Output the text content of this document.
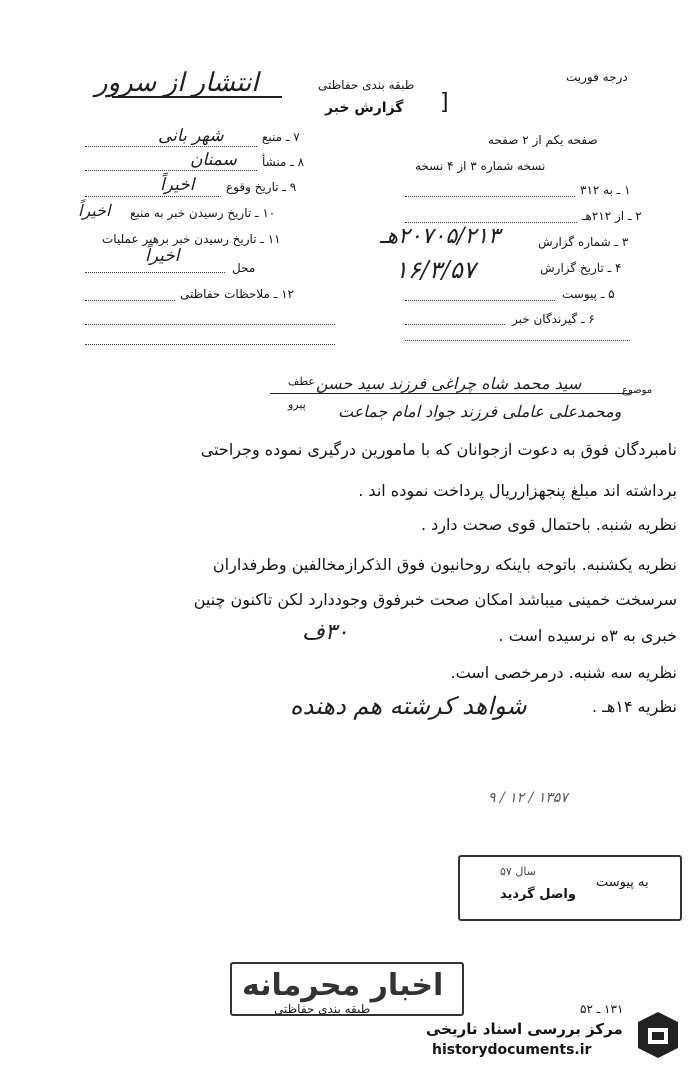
درجه فوریت
طبقه بندی حفاظتی
گزارش خبر
انتشار از سرور
[
صفحه یکم از ۲ صفحه
نسخه شماره ۳ از ۴ نسخه
۱ ـ به ۳۱۲
۲ ـ از ۲۱۲هـ
۳ ـ شماره گزارش
۲۰۷۰۵/۲۱۳هـ
۴ ـ تاریخ گزارش
۱۶/۳/۵۷
۵ ـ پیوست
۶ ـ گیرندگان خبر
۷ ـ منبع
شهر بانی
۸ ـ منشأ
سمنان
۹ ـ تاریخ وقوع
اخیراً
۱۰ ـ تاریخ رسیدن خبر به منبع
اخیراً
۱۱ ـ تاریخ رسیدن خبر برهبر عملیات
اخیراً
محل
۱۲ ـ ملاحظات حفاظتی
سید محمد شاه چراغی فرزند سید حسن	موضوع
عطف
پیرو ومحمدعلی عاملی فرزند جواد امام جماعت
نامبردگان فوق به دعوت ازجوانان که با مامورین درگیری نموده وجراحتی
برداشته اند مبلغ پنجهزارریال پرداخت نموده اند .
نظریه شنبه. باحتمال قوی صحت دارد .
نظریه یکشنبه. باتوجه باینکه روحانیون فوق الذکرازمخالفین وطرفداران
سرسخت خمینی میباشد امکان صحت خبرفوق وجوددارد لکن تاکنون چنین
خبری به ۳ه نرسیده است .
۳۰ف
نظریه سه شنبه. درمرخصی است.
نظریه ۱۴هـ .
شواهد کرشته هم دهنده
۱۳۵۷ / ۱۲ / ۹
به پیوست
واصل گردید
سال ۵۷
اخبار محرمانه
۱۳۱ ـ ۵۲
طبقه بندی حفاظتی
مرکز بررسی اسناد تاریخی
historydocuments.ir
